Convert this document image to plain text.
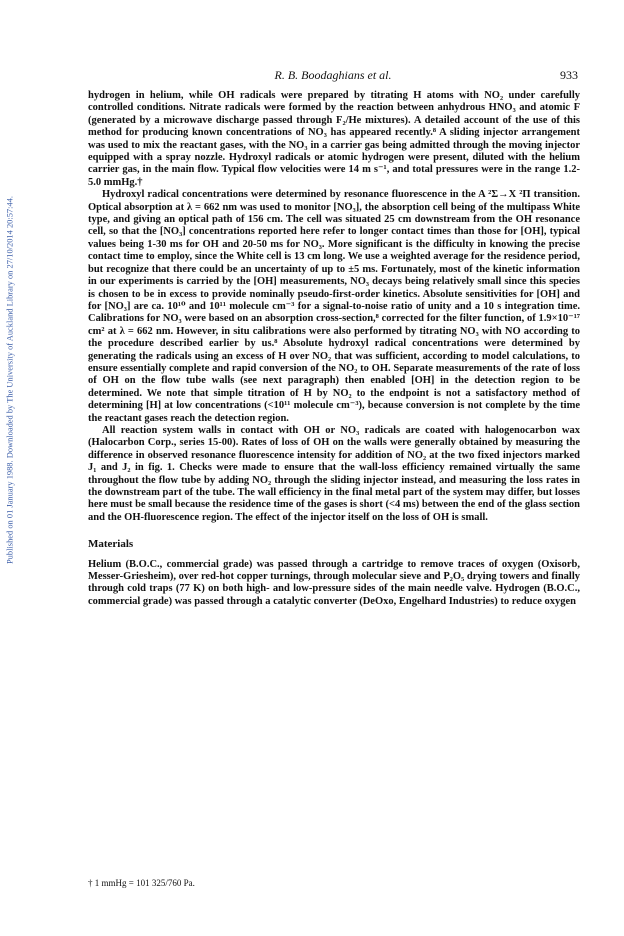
Published on 01 January 1988. Downloaded by The University of Auckland Library on 27/10/2014 20:57:44.
R. B. Boodaghians et al.	933

hydrogen in helium, while OH radicals were prepared by titrating H atoms with NO₂ under carefully controlled conditions. Nitrate radicals were formed by the reaction between anhydrous HNO₃ and atomic F (generated by a microwave discharge passed through F₂/He mixtures). A detailed account of the use of this method for producing known concentrations of NO₃ has appeared recently.⁸ A sliding injector arrangement was used to mix the reactant gases, with the NO₃ in a carrier gas being admitted through the moving injector equipped with a spray nozzle. Hydroxyl radicals or atomic hydrogen were present, diluted with the helium carrier gas, in the main flow. Typical flow velocities were 14 m s⁻¹, and total pressures were in the range 1.2-5.0 mmHg.†

Hydroxyl radical concentrations were determined by resonance fluorescence in the A ²Σ→X ²Π transition. Optical absorption at λ = 662 nm was used to monitor [NO₃], the absorption cell being of the multipass White type, and giving an optical path of 156 cm. The cell was situated 25 cm downstream from the OH resonance cell, so that the [NO₃] concentrations reported here refer to longer contact times than those for [OH], typical values being 1-30 ms for OH and 20-50 ms for NO₃. More significant is the difficulty in knowing the precise contact time to employ, since the White cell is 13 cm long. We use a weighted average for the residence period, but recognize that there could be an uncertainty of up to ±5 ms. Fortunately, most of the kinetic information in our experiments is carried by the [OH] measurements, NO₃ decays being relatively small since this species is chosen to be in excess to provide nominally pseudo-first-order kinetics. Absolute sensitivities for [OH] and for [NO₃] are ca. 10¹⁰ and 10¹¹ molecule cm⁻³ for a signal-to-noise ratio of unity and a 10 s integration time. Calibrations for NO₃ were based on an absorption cross-section,⁸ corrected for the filter function, of 1.9×10⁻¹⁷ cm² at λ = 662 nm. However, in situ calibrations were also performed by titrating NO₃ with NO according to the procedure described earlier by us.⁸ Absolute hydroxyl radical concentrations were determined by generating the radicals using an excess of H over NO₂ that was sufficient, according to model calculations, to ensure essentially complete and rapid conversion of the NO₂ to OH. Separate measurements of the rate of loss of OH on the flow tube walls (see next paragraph) then enabled [OH] in the detection region to be determined. We note that simple titration of H by NO₂ to the endpoint is not a satisfactory method of determining [H] at low concentrations (<10¹¹ molecule cm⁻³), because conversion is not complete by the time the reactant gases reach the detection region.

All reaction system walls in contact with OH or NO₃ radicals are coated with halogenocarbon wax (Halocarbon Corp., series 15-00). Rates of loss of OH on the walls were generally obtained by measuring the difference in observed resonance fluorescence intensity for addition of NO₂ at the two fixed injectors marked J₁ and J₂ in fig. 1. Checks were made to ensure that the wall-loss efficiency remained virtually the same throughout the flow tube by adding NO₂ through the sliding injector instead, and measuring the loss rates in the downstream part of the tube. The wall efficiency in the final metal part of the system may differ, but losses here must be small because the residence time of the gases is short (<4 ms) between the end of the glass section and the OH-fluorescence region. The effect of the injector itself on the loss of OH is small.

Materials

Helium (B.O.C., commercial grade) was passed through a cartridge to remove traces of oxygen (Oxisorb, Messer-Griesheim), over red-hot copper turnings, through molecular sieve and P₂O₅ drying towers and finally through cold traps (77 K) on both high- and low-pressure sides of the main needle valve. Hydrogen (B.O.C., commercial grade) was passed through a catalytic converter (DeOxo, Engelhard Industries) to reduce oxygen

† 1 mmHg = 101 325/760 Pa.
